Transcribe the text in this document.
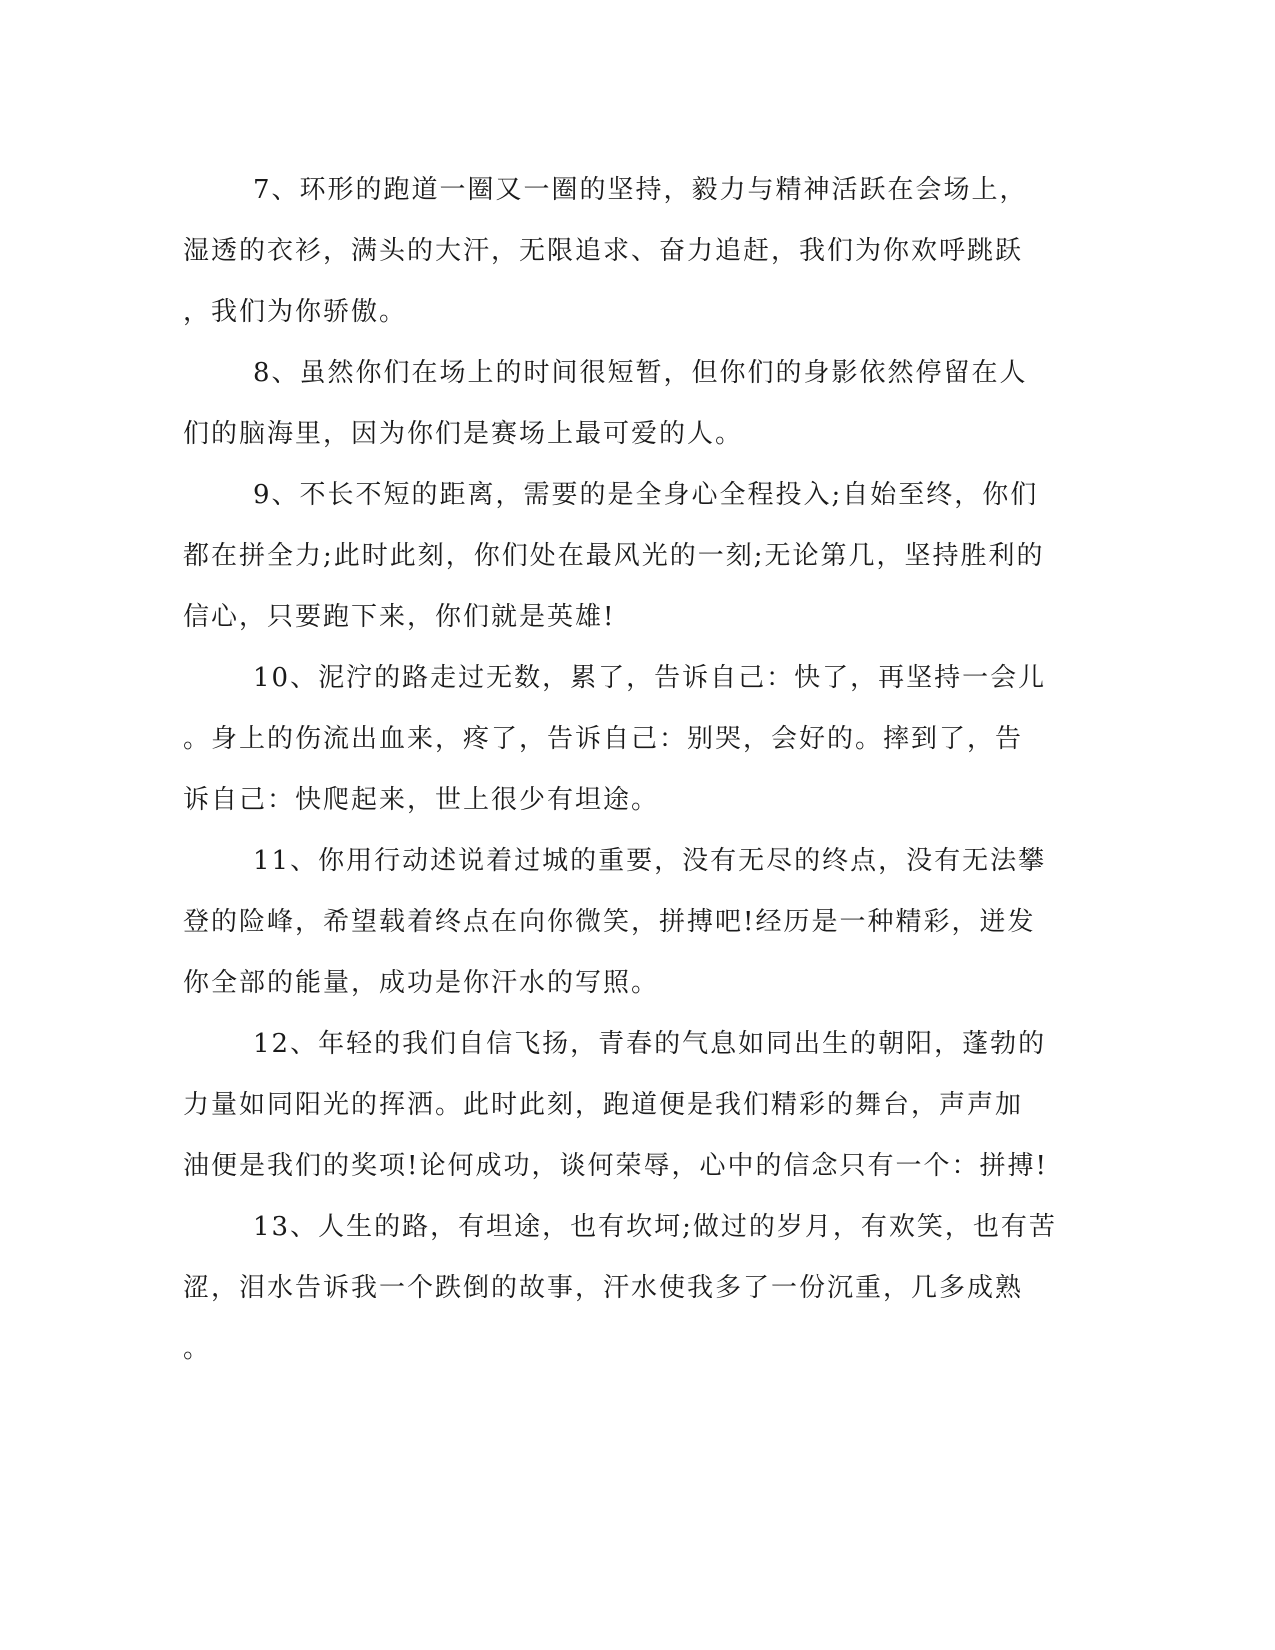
7、环形的跑道一圈又一圈的坚持，毅力与精神活跃在会场上，
湿透的衣衫，满头的大汗，无限追求、奋力追赶，我们为你欢呼跳跃
，我们为你骄傲。
8、虽然你们在场上的时间很短暂，但你们的身影依然停留在人
们的脑海里，因为你们是赛场上最可爱的人。
9、不长不短的距离，需要的是全身心全程投入;自始至终，你们
都在拼全力;此时此刻，你们处在最风光的一刻;无论第几，坚持胜利的
信心，只要跑下来，你们就是英雄!
10、泥泞的路走过无数，累了，告诉自己：快了，再坚持一会儿
。身上的伤流出血来，疼了，告诉自己：别哭，会好的。摔到了，告
诉自己：快爬起来，世上很少有坦途。
11、你用行动述说着过城的重要，没有无尽的终点，没有无法攀
登的险峰，希望载着终点在向你微笑，拼搏吧!经历是一种精彩，迸发
你全部的能量，成功是你汗水的写照。
12、年轻的我们自信飞扬，青春的气息如同出生的朝阳，蓬勃的
力量如同阳光的挥洒。此时此刻，跑道便是我们精彩的舞台，声声加
油便是我们的奖项!论何成功，谈何荣辱，心中的信念只有一个：拼搏!
13、人生的路，有坦途，也有坎坷;做过的岁月，有欢笑，也有苦
涩，泪水告诉我一个跌倒的故事，汗水使我多了一份沉重，几多成熟
。
